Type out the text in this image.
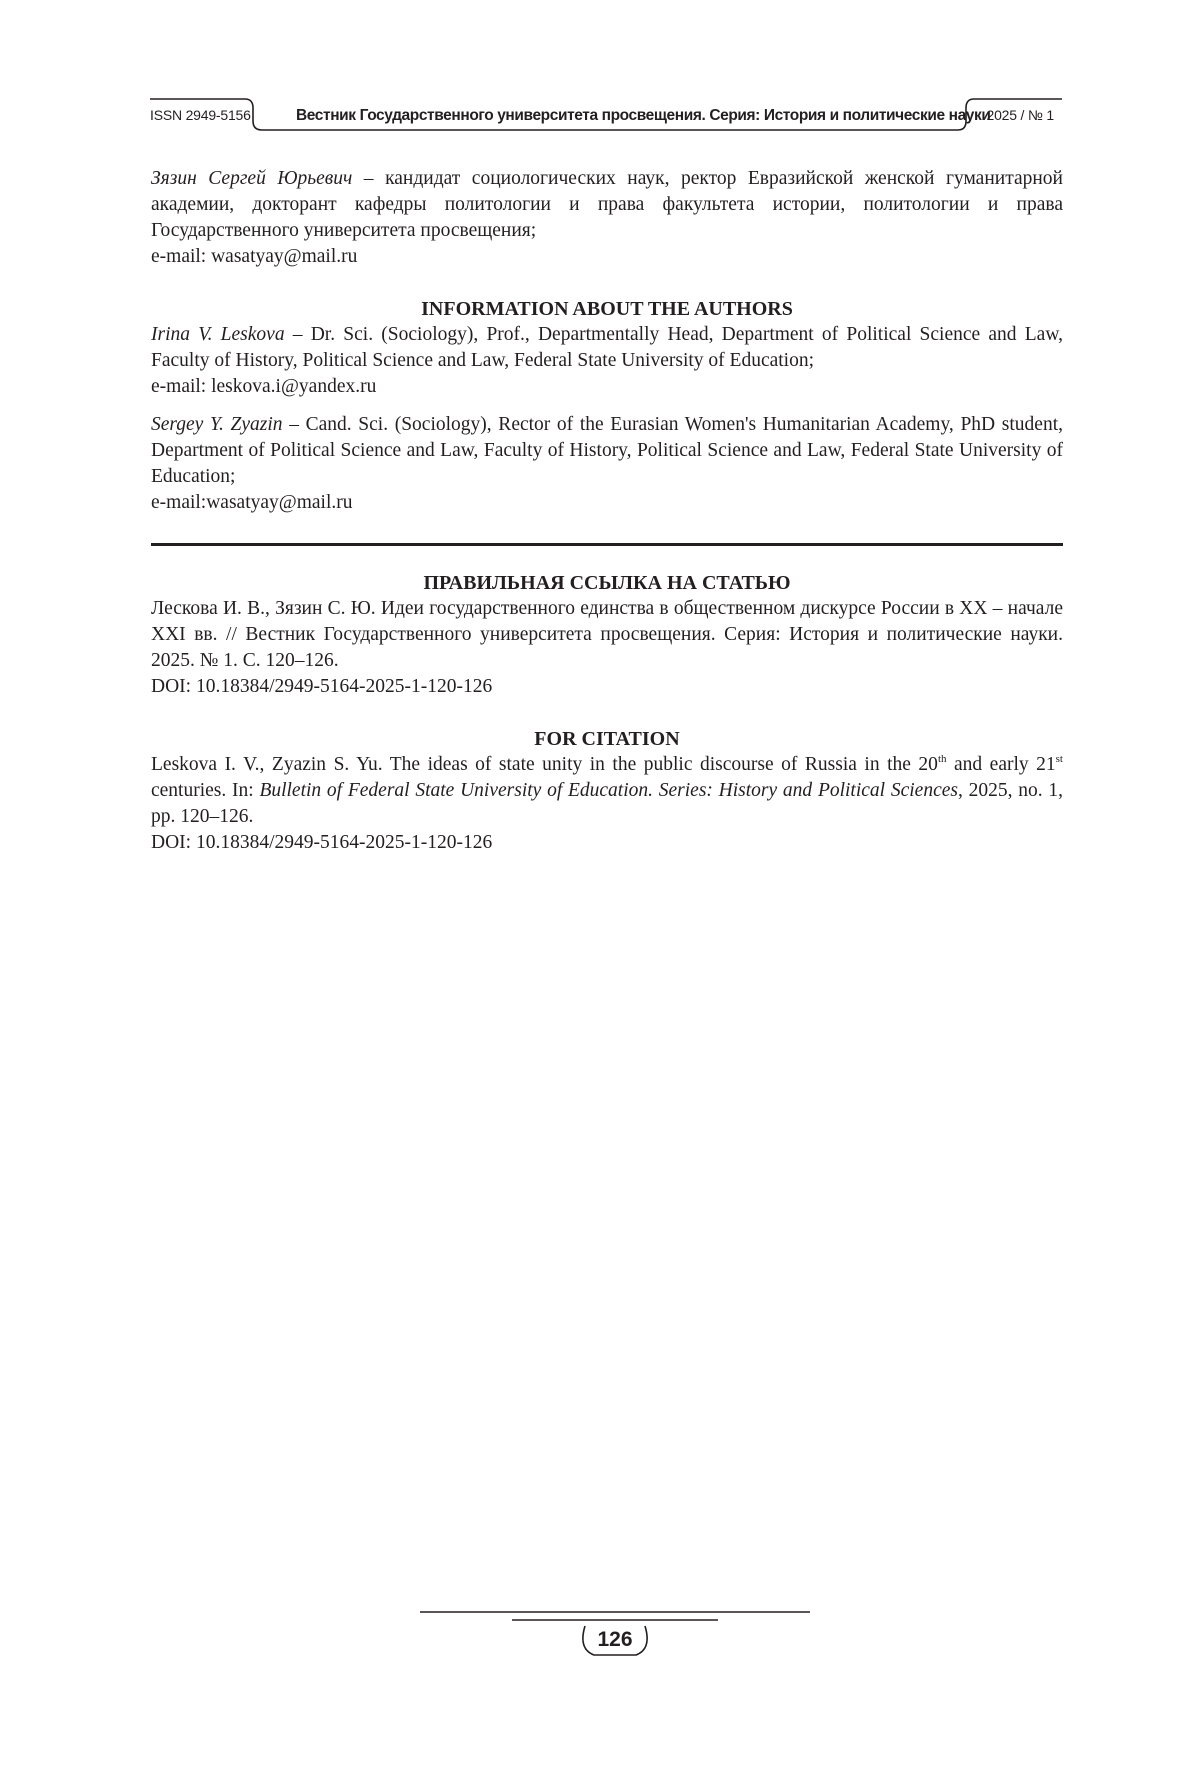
ISSN 2949-5156	Вестник Государственного университета просвещения. Серия: История и политические науки
2025 / № 1

Зязин Сергей Юрьевич – кандидат социологических наук, ректор Евразийской женской гуманитарной академии, докторант кафедры политологии и права факультета истории, политологии и права Государственного университета просвещения;

e-mail: wasatyay@mail.ru

INFORMATION ABOUT THE AUTHORS

Irina V. Leskova – Dr. Sci. (Sociology), Prof., Departmentally Head, Department of Political Science and Law, Faculty of History, Political Science and Law, Federal State University of Education;

e-mail: leskova.i@yandex.ru

Sergey Y. Zyazin – Cand. Sci. (Sociology), Rector of the Eurasian Women's Humanitarian Academy, PhD student, Department of Political Science and Law, Faculty of History, Political Science and Law, Federal State University of Education;

e-mail:wasatyay@mail.ru

ПРАВИЛЬНАЯ ССЫЛКА НА СТАТЬЮ

Лескова И. В., Зязин С. Ю. Идеи государственного единства в общественном дискурсе России в XX – начале XXI вв. // Вестник Государственного университета просвещения. Серия: История и политические науки. 2025. № 1. С. 120–126.

DOI: 10.18384/2949-5164-2025-1-120-126

FOR CITATION

Leskova I. V., Zyazin S. Yu. The ideas of state unity in the public discourse of Russia in the 20th and early 21st centuries. In: Bulletin of Federal State University of Education. Series: History and Political Sciences, 2025, no. 1, pp. 120–126.

DOI: 10.18384/2949-5164-2025-1-120-126

126
